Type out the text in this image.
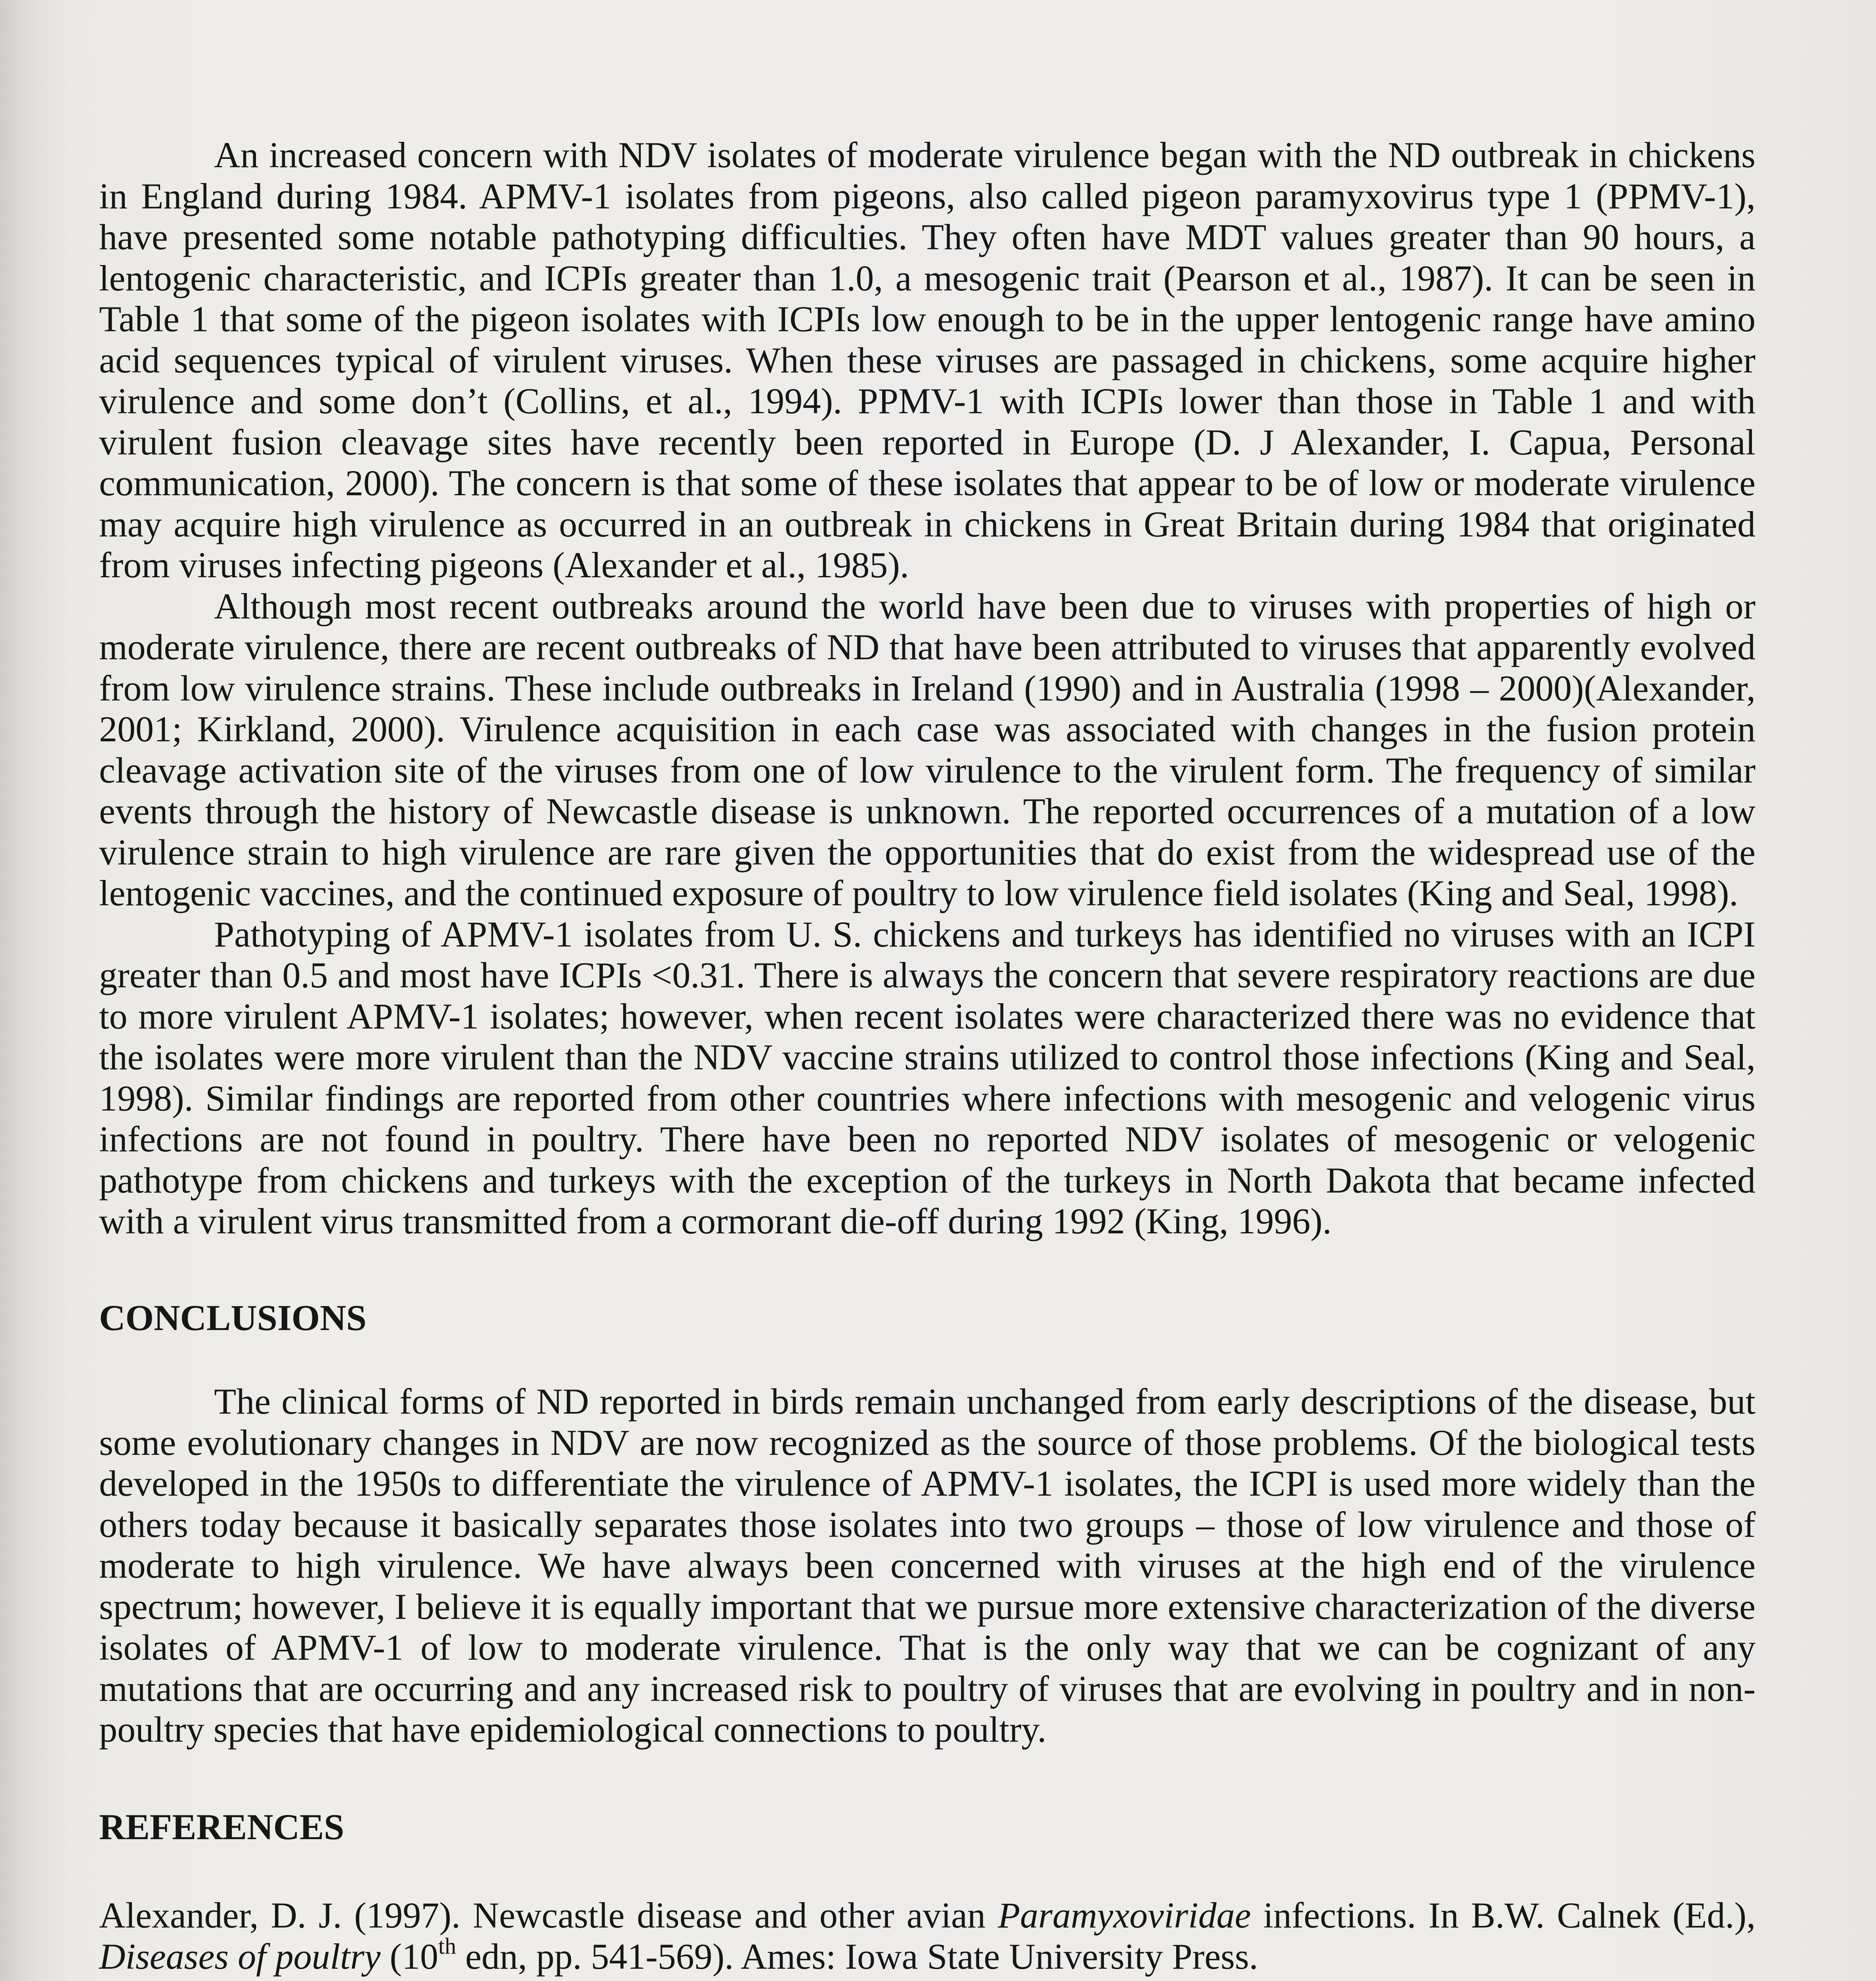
An increased concern with NDV isolates of moderate virulence began with the ND outbreak in chickens in England during 1984. APMV-1 isolates from pigeons, also called pigeon paramyxovirus type 1 (PPMV-1), have presented some notable pathotyping difficulties. They often have MDT values greater than 90 hours, a lentogenic characteristic, and ICPIs greater than 1.0, a mesogenic trait (Pearson et al., 1987). It can be seen in Table 1 that some of the pigeon isolates with ICPIs low enough to be in the upper lentogenic range have amino acid sequences typical of virulent viruses. When these viruses are passaged in chickens, some acquire higher virulence and some don’t (Collins, et al., 1994). PPMV-1 with ICPIs lower than those in Table 1 and with virulent fusion cleavage sites have recently been reported in Europe (D. J Alexander, I. Capua, Personal communication, 2000). The concern is that some of these isolates that appear to be of low or moderate virulence may acquire high virulence as occurred in an outbreak in chickens in Great Britain during 1984 that originated from viruses infecting pigeons (Alexander et al., 1985).

Although most recent outbreaks around the world have been due to viruses with properties of high or moderate virulence, there are recent outbreaks of ND that have been attributed to viruses that apparently evolved from low virulence strains. These include outbreaks in Ireland (1990) and in Australia (1998 – 2000)(Alexander, 2001; Kirkland, 2000). Virulence acquisition in each case was associated with changes in the fusion protein cleavage activation site of the viruses from one of low virulence to the virulent form. The frequency of similar events through the history of Newcastle disease is unknown. The reported occurrences of a mutation of a low virulence strain to high virulence are rare given the opportunities that do exist from the widespread use of the lentogenic vaccines, and the continued exposure of poultry to low virulence field isolates (King and Seal, 1998).

Pathotyping of APMV-1 isolates from U. S. chickens and turkeys has identified no viruses with an ICPI greater than 0.5 and most have ICPIs <0.31. There is always the concern that severe respiratory reactions are due to more virulent APMV-1 isolates; however, when recent isolates were characterized there was no evidence that the isolates were more virulent than the NDV vaccine strains utilized to control those infections (King and Seal, 1998). Similar findings are reported from other countries where infections with mesogenic and velogenic virus infections are not found in poultry. There have been no reported NDV isolates of mesogenic or velogenic pathotype from chickens and turkeys with the exception of the turkeys in North Dakota that became infected with a virulent virus transmitted from a cormorant die-off during 1992 (King, 1996).

CONCLUSIONS

The clinical forms of ND reported in birds remain unchanged from early descriptions of the disease, but some evolutionary changes in NDV are now recognized as the source of those problems. Of the biological tests developed in the 1950s to differentiate the virulence of APMV-1 isolates, the ICPI is used more widely than the others today because it basically separates those isolates into two groups – those of low virulence and those of moderate to high virulence. We have always been concerned with viruses at the high end of the virulence spectrum; however, I believe it is equally important that we pursue more extensive characterization of the diverse isolates of APMV-1 of low to moderate virulence. That is the only way that we can be cognizant of any mutations that are occurring and any increased risk to poultry of viruses that are evolving in poultry and in non-poultry species that have epidemiological connections to poultry.

REFERENCES

Alexander, D. J. (1997). Newcastle disease and other avian Paramyxoviridae infections. In B.W. Calnek (Ed.), Diseases of poultry (10th edn, pp. 541-569). Ames: Iowa State University Press.
